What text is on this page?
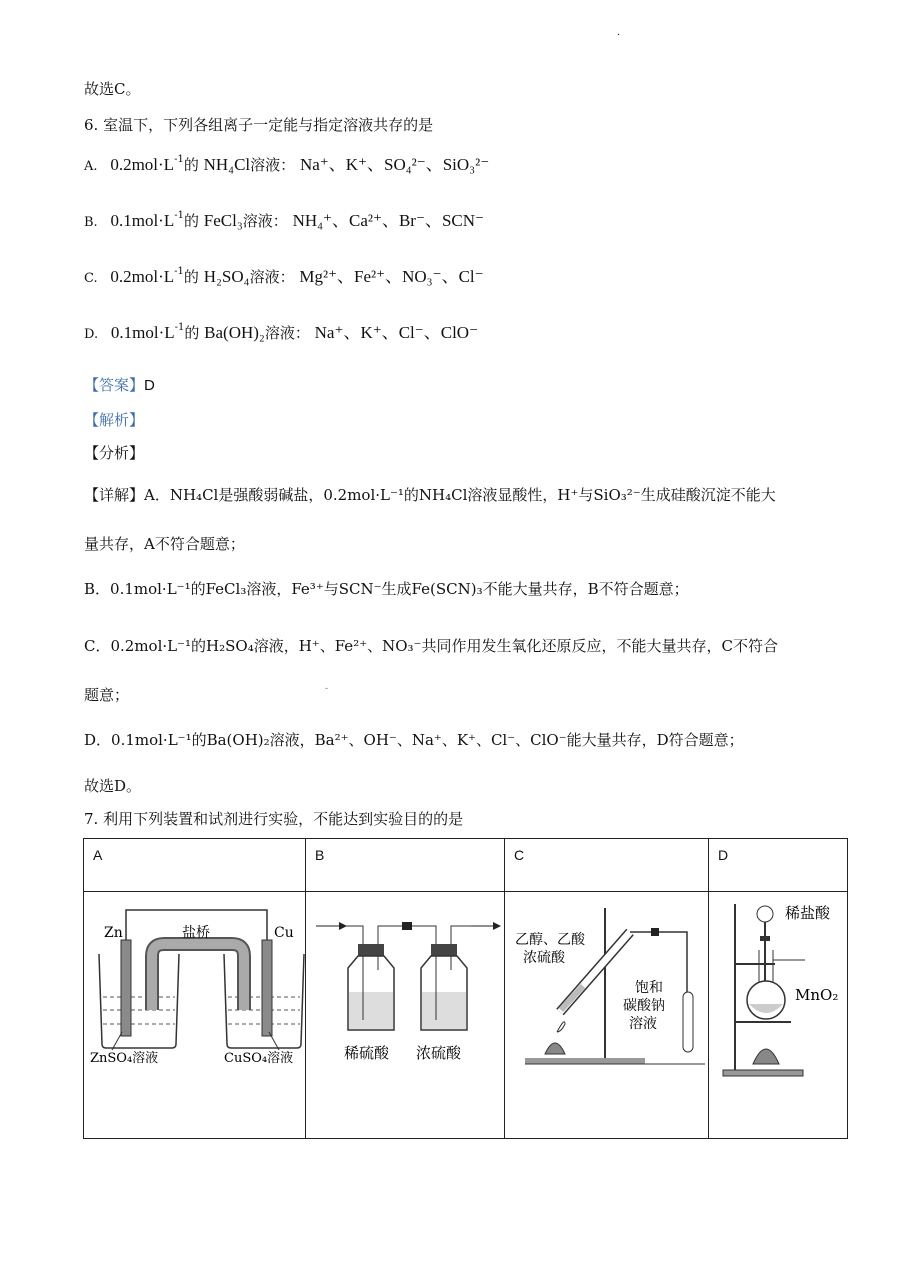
·
故选C。
6. 室温下，下列各组离子一定能与指定溶液共存的是
A. $0.2mol\cdot L^{-1}$的 NH₄Cl溶液： Na⁺、K⁺、SO₄²⁻、SiO₃²⁻
B. $0.1mol\cdot L^{-1}$的 FeCl₃溶液： NH₄⁺、Ca²⁺、Br⁻、SCN⁻
C. $0.2mol\cdot L^{-1}$的 H₂SO₄溶液： Mg²⁺、Fe²⁺、NO₃⁻、Cl⁻
D. $0.1mol\cdot L^{-1}$的 Ba(OH)₂溶液： Na⁺、K⁺、Cl⁻、ClO⁻
【答案】D
【解析】
【分析】
【详解】A．NH₄Cl是强酸弱碱盐，0.2mol·L⁻¹的NH₄Cl溶液显酸性，H⁺与SiO₃²⁻生成硅酸沉淀不能大
量共存，A不符合题意；
B．0.1mol·L⁻¹的FeCl₃溶液，Fe³⁺与SCN⁻生成Fe(SCN)₃不能大量共存，B不符合题意；
C．0.2mol·L⁻¹的H₂SO₄溶液，H⁺、Fe²⁺、NO₃⁻共同作用发生氧化还原反应，不能大量共存，C不符合
题意；	-
D．0.1mol·L⁻¹的Ba(OH)₂溶液，Ba²⁺、OH⁻、Na⁺、K⁺、Cl⁻、ClO⁻能大量共存，D符合题意；
故选D。
7. 利用下列装置和试剂进行实验，不能达到实验目的的是
A	B	C	D

Zn Cu
盐桥
ZnSO₄溶液 CuSO₄溶液	稀硫酸 浓硫酸	乙醇、乙酸
浓硫酸
饱和
碳酸钠
溶液	稀盐酸
MnO₂
